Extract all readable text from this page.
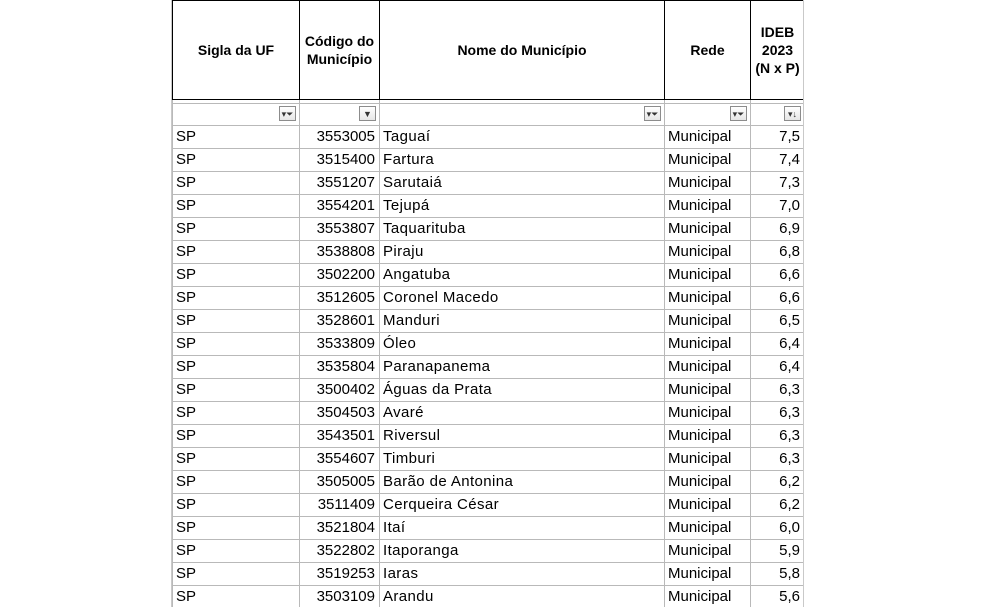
Sigla da UF	Código do Município	Nome do Município	Rede	IDEB
2023
(N x P)

▾⏷	▼	▾⏷	▾⏷	▾↓

SP	3553005	Taguaí	Municipal	7,5
SP	3515400	Fartura	Municipal	7,4
SP	3551207	Sarutaiá	Municipal	7,3
SP	3554201	Tejupá	Municipal	7,0
SP	3553807	Taquarituba	Municipal	6,9
SP	3538808	Piraju	Municipal	6,8
SP	3502200	Angatuba	Municipal	6,6
SP	3512605	Coronel Macedo	Municipal	6,6
SP	3528601	Manduri	Municipal	6,5
SP	3533809	Óleo	Municipal	6,4
SP	3535804	Paranapanema	Municipal	6,4
SP	3500402	Águas da Prata	Municipal	6,3
SP	3504503	Avaré	Municipal	6,3
SP	3543501	Riversul	Municipal	6,3
SP	3554607	Timburi	Municipal	6,3
SP	3505005	Barão de Antonina	Municipal	6,2
SP	3511409	Cerqueira César	Municipal	6,2
SP	3521804	Itaí	Municipal	6,0
SP	3522802	Itaporanga	Municipal	5,9
SP	3519253	Iaras	Municipal	5,8
SP	3503109	Arandu	Municipal	5,6
